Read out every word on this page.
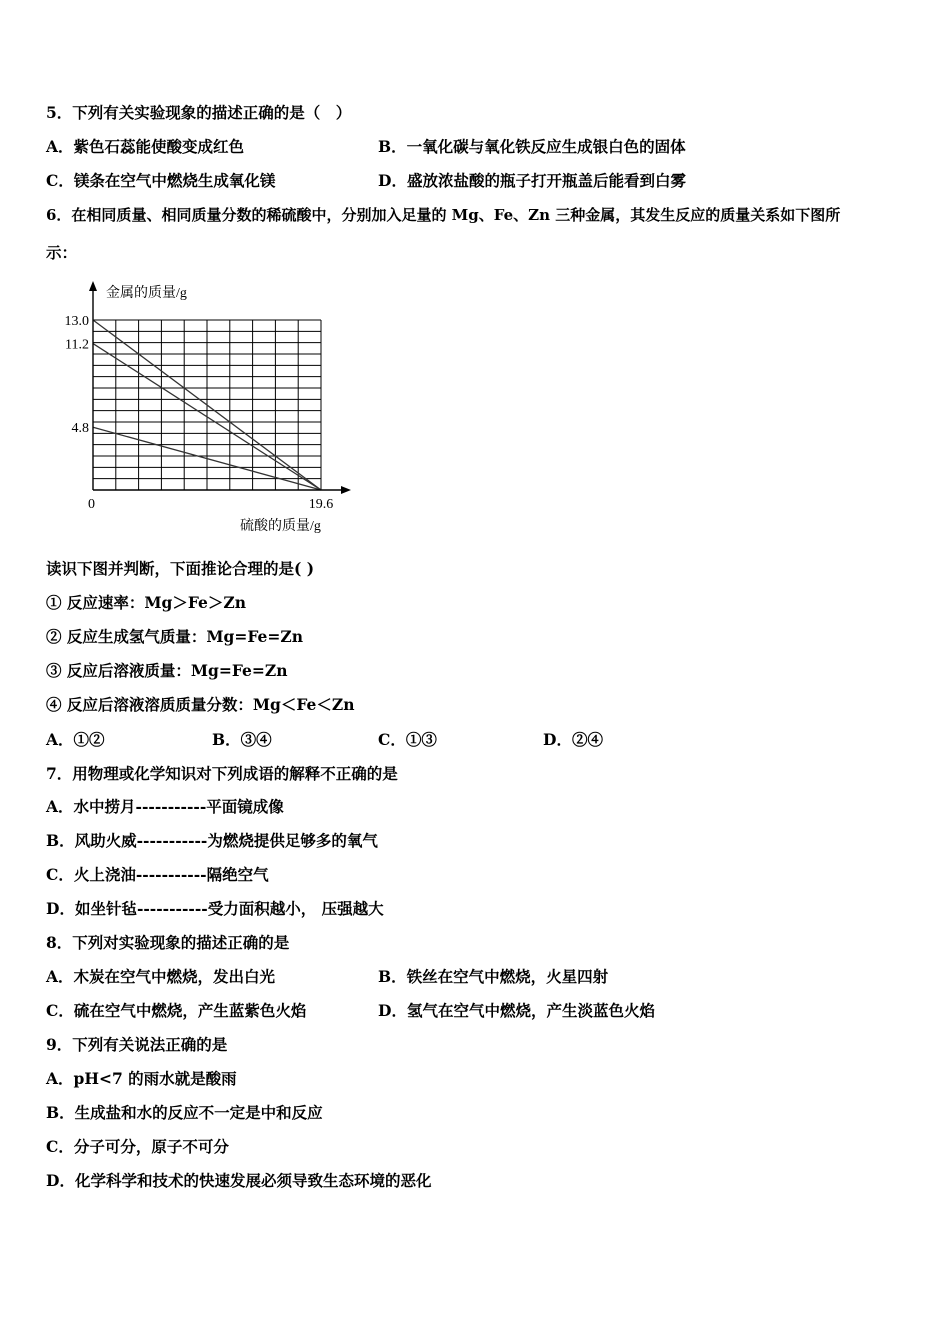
5．下列有关实验现象的描述正确的是（　）
A．紫色石蕊能使酸变成红色	B．一氧化碳与氧化铁反应生成银白色的固体
C．镁条在空气中燃烧生成氧化镁	D．盛放浓盐酸的瓶子打开瓶盖后能看到白雾
6．在相同质量、相同质量分数的稀硫酸中，分别加入足量的 Mg、Fe、Zn 三种金属，其发生反应的质量关系如下图所
示：
13.0
11.2
4.8
19.6
金属的质量/g
硫酸的质量/g
0
读识下图并判断，下面推论合理的是( )
① 反应速率：Mg＞Fe＞Zn
② 反应生成氢气质量：Mg=Fe=Zn
③ 反应后溶液质量：Mg=Fe=Zn
④ 反应后溶液溶质质量分数：Mg＜Fe＜Zn
A．①②	B．③④	C．①③	D．②④
7．用物理或化学知识对下列成语的解释不正确的是
A．水中捞月-----------平面镜成像
B．风助火威-----------为燃烧提供足够多的氧气
C．火上浇油-----------隔绝空气
D．如坐针毡-----------受力面积越小， 压强越大
8．下列对实验现象的描述正确的是
A．木炭在空气中燃烧，发出白光	B．铁丝在空气中燃烧，火星四射
C．硫在空气中燃烧，产生蓝紫色火焰	D．氢气在空气中燃烧，产生淡蓝色火焰
9．下列有关说法正确的是
A．pH<7 的雨水就是酸雨
B．生成盐和水的反应不一定是中和反应
C．分子可分，原子不可分
D．化学科学和技术的快速发展必须导致生态环境的恶化
